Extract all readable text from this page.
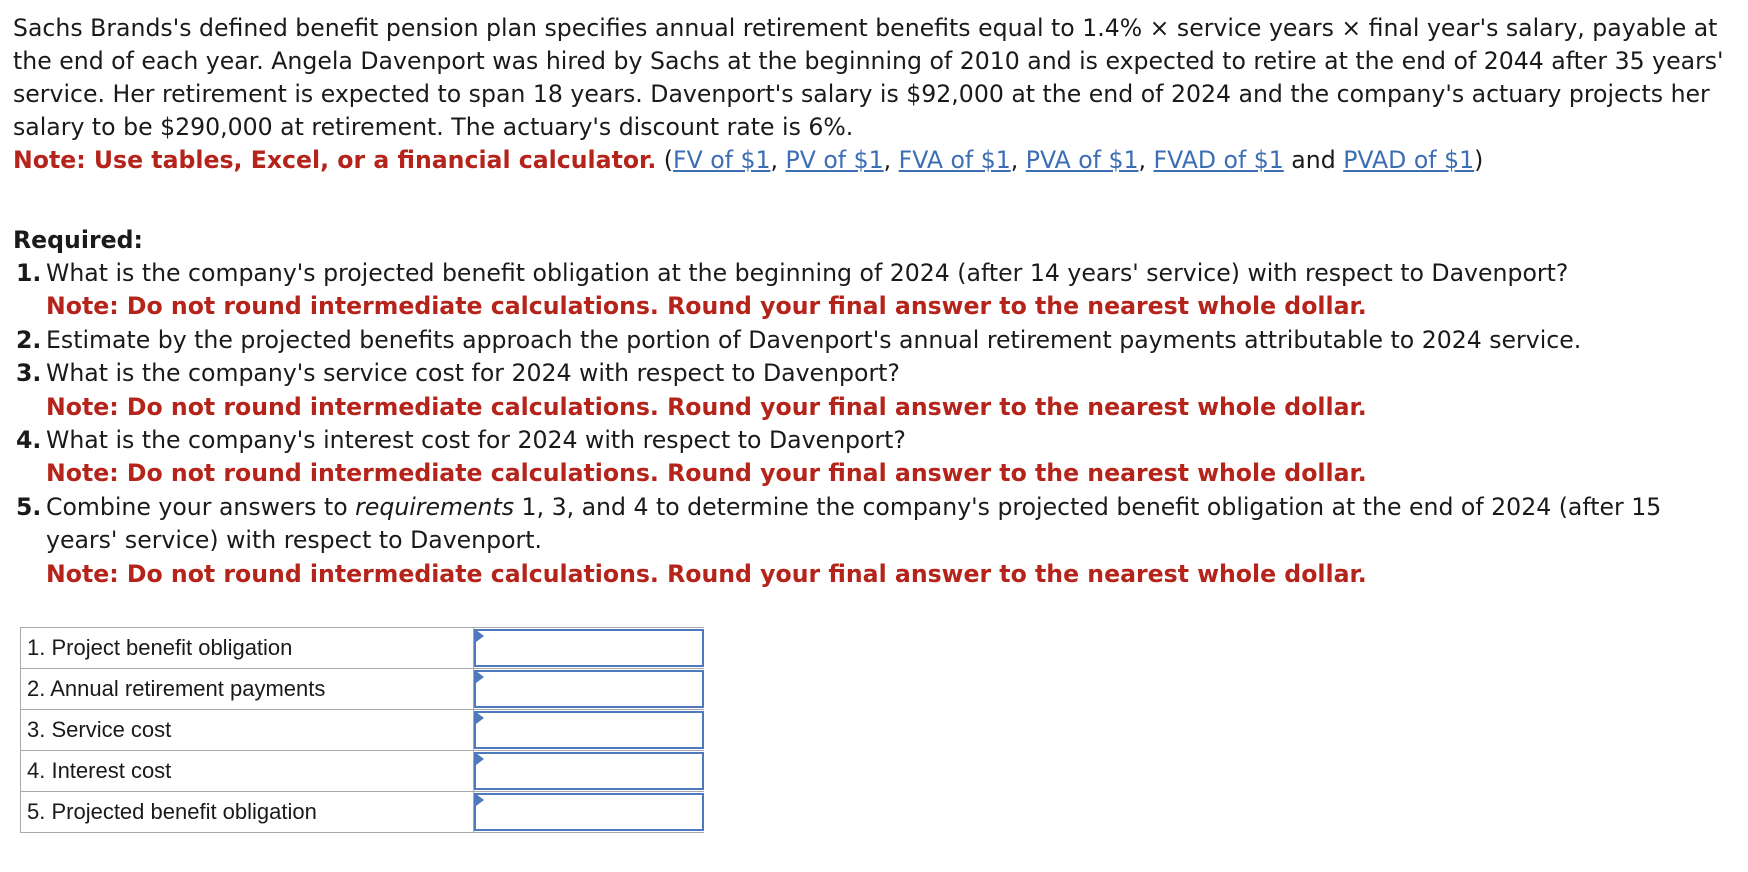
Sachs Brands's defined benefit pension plan specifies annual retirement benefits equal to 1.4% × service years × final year's salary, payable at the end of each year. Angela Davenport was hired by Sachs at the beginning of 2010 and is expected to retire at the end of 2044 after 35 years' service. Her retirement is expected to span 18 years. Davenport's salary is $92,000 at the end of 2024 and the company's actuary projects her salary to be $290,000 at retirement. The actuary's discount rate is 6%.
Note: Use tables, Excel, or a financial calculator. (FV of $1, PV of $1, FVA of $1, PVA of $1, FVAD of $1 and PVAD of $1)

Required:
1. What is the company's projected benefit obligation at the beginning of 2024 (after 14 years' service) with respect to Davenport?
Note: Do not round intermediate calculations. Round your final answer to the nearest whole dollar.
2. Estimate by the projected benefits approach the portion of Davenport's annual retirement payments attributable to 2024 service.
3. What is the company's service cost for 2024 with respect to Davenport?
Note: Do not round intermediate calculations. Round your final answer to the nearest whole dollar.
4. What is the company's interest cost for 2024 with respect to Davenport?
Note: Do not round intermediate calculations. Round your final answer to the nearest whole dollar.
5. Combine your answers to requirements 1, 3, and 4 to determine the company's projected benefit obligation at the end of 2024 (after 15 years' service) with respect to Davenport.
Note: Do not round intermediate calculations. Round your final answer to the nearest whole dollar.
1. Project benefit obligation	

2. Annual retirement payments	

3. Service cost	

4. Interest cost	

5. Projected benefit obligation	
